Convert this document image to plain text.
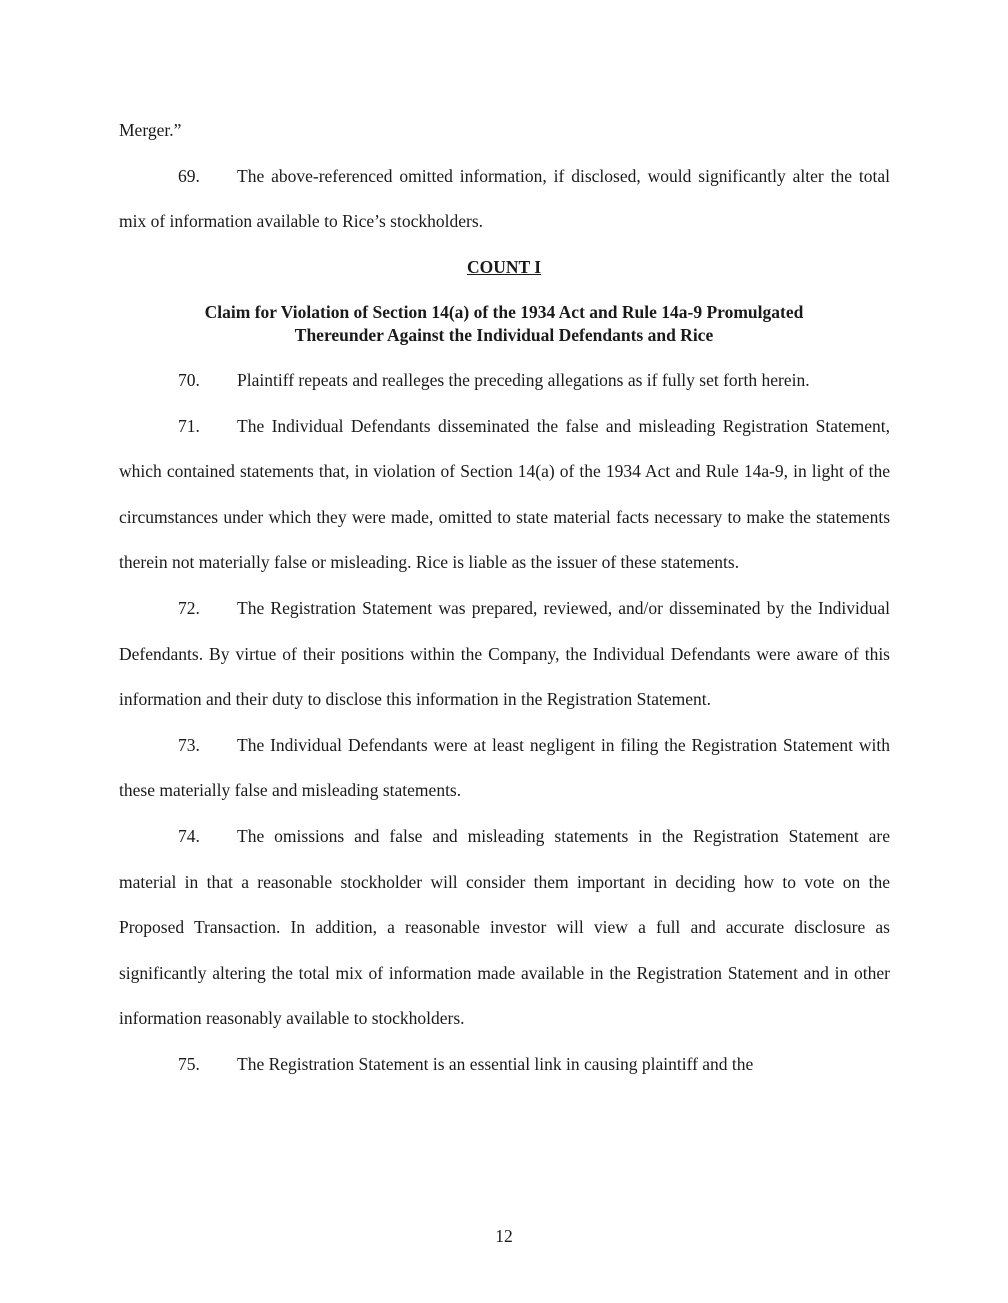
Merger.”

69. The above-referenced omitted information, if disclosed, would significantly alter the total mix of information available to Rice’s stockholders.

COUNT I

Claim for Violation of Section 14(a) of the 1934 Act and Rule 14a-9 Promulgated
Thereunder Against the Individual Defendants and Rice

70. Plaintiff repeats and realleges the preceding allegations as if fully set forth herein.

71. The Individual Defendants disseminated the false and misleading Registration Statement, which contained statements that, in violation of Section 14(a) of the 1934 Act and Rule 14a-9, in light of the circumstances under which they were made, omitted to state material facts necessary to make the statements therein not materially false or misleading. Rice is liable as the issuer of these statements.

72. The Registration Statement was prepared, reviewed, and/or disseminated by the Individual Defendants. By virtue of their positions within the Company, the Individual Defendants were aware of this information and their duty to disclose this information in the Registration Statement.

73. The Individual Defendants were at least negligent in filing the Registration Statement with these materially false and misleading statements.

74. The omissions and false and misleading statements in the Registration Statement are material in that a reasonable stockholder will consider them important in deciding how to vote on the Proposed Transaction. In addition, a reasonable investor will view a full and accurate disclosure as significantly altering the total mix of information made available in the Registration Statement and in other information reasonably available to stockholders.

75. The Registration Statement is an essential link in causing plaintiff and the

12
